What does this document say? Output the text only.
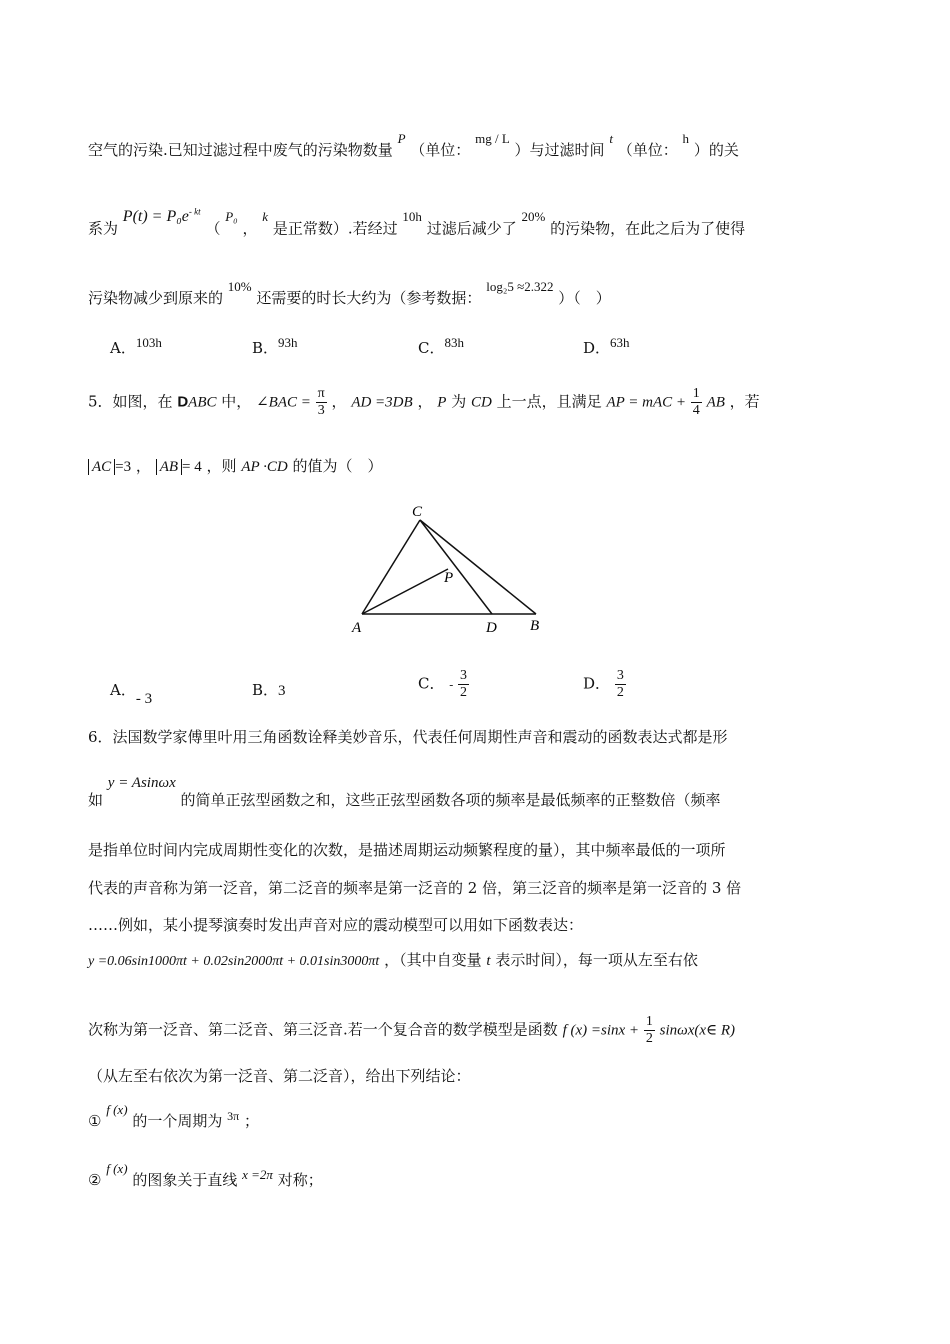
空气的污染.已知过滤过程中废气的污染物数量 P （单位： mg / L ）与过滤时间 t （单位： h ）的关
系为 $P(t) = P_0e^{- kt}$ （ P₀ ， k 是正常数）.若经过 10h 过滤后减少了 20% 的污染物，在此之后为了使得
污染物减少到原来的 10% 还需要的时长大约为（参考数据： log₂5 ≈2.322 ）（　）
A．103h	B．93h	C．83h	D．63h
5．如图，在 DABC 中， ∠BAC = $\frac{\pi}{3}$ ， AD =3DB ， P 为 CD 上一点，且满足 AP = mAC + $\frac{1}{4}$ AB ，若
AC =3 ， AB = 4 ，则 AP ·CD 的值为（　）
C
P
A	D B
A．- 3	B．3	C． - $\frac{3}{2}$	D． $\frac{3}{2}$
6．法国数学家傅里叶用三角函数诠释美妙音乐，代表任何周期性声音和震动的函数表达式都是形
如 y = Asinωx 的简单正弦型函数之和，这些正弦型函数各项的频率是最低频率的正整数倍（频率
是指单位时间内完成周期性变化的次数，是描述周期运动频繁程度的量），其中频率最低的一项所
代表的声音称为第一泛音，第二泛音的频率是第一泛音的 2 倍，第三泛音的频率是第一泛音的 3 倍
……例如，某小提琴演奏时发出声音对应的震动模型可以用如下函数表达：
y =0.06sin1000πt + 0.02sin2000πt + 0.01sin3000πt ，（其中自变量 t 表示时间），每一项从左至右依
次称为第一泛音、第二泛音、第三泛音.若一个复合音的数学模型是函数 f $(x) =\sin x + \frac{1}{2}$ sinωx(x∈ R)
（从左至右依次为第一泛音、第二泛音），给出下列结论：
① f (x) 的一个周期为 $^{3\pi}$ ；
② f (x) 的图象关于直线 x =2π 对称；
